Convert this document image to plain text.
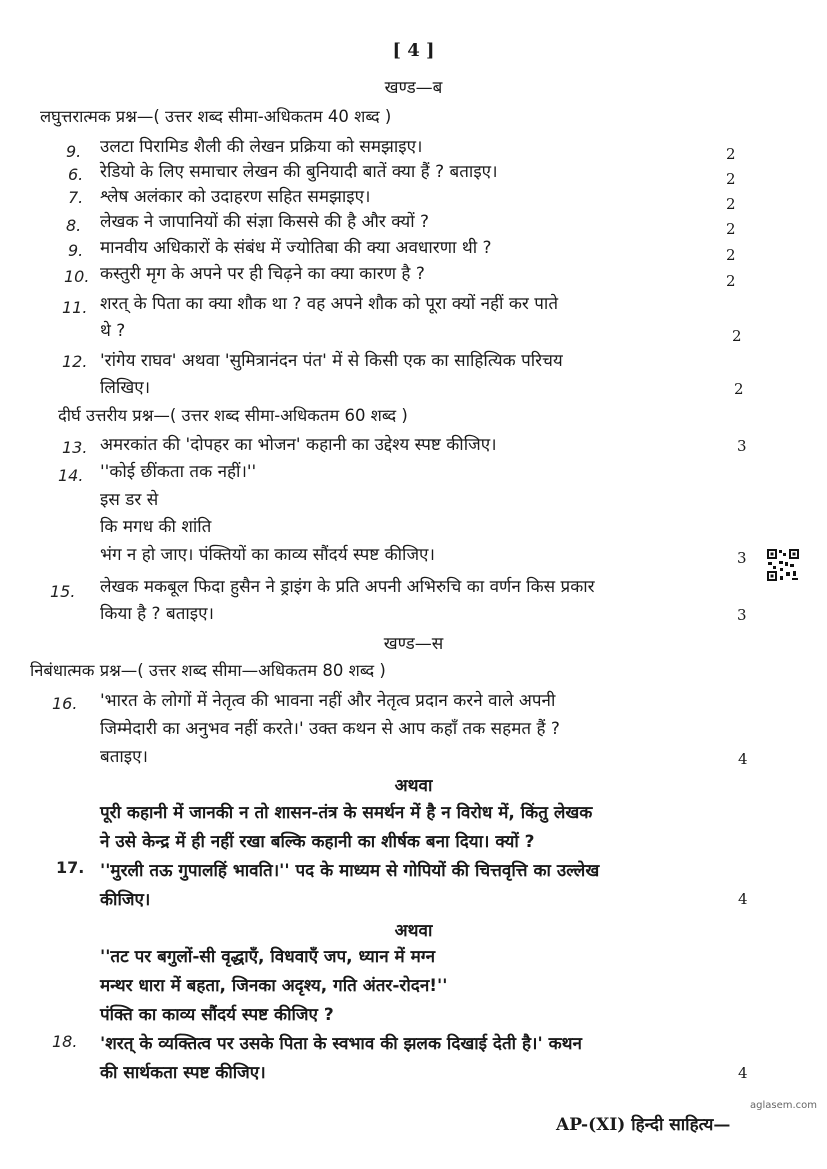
[ 4 ]
खण्ड—ब
लघुत्तरात्मक प्रश्न—( उत्तर शब्द सीमा-अधिकतम 40 शब्द )
9. उलटा पिरामिड शैली की लेखन प्रक्रिया को समझाइए।	2
6. रेडियो के लिए समाचार लेखन की बुनियादी बातें क्या हैं ? बताइए।	2
7. श्लेष अलंकार को उदाहरण सहित समझाइए।	2
8. लेखक ने जापानियों की संज्ञा किससे की है और क्यों ?	2
9. मानवीय अधिकारों के संबंध में ज्योतिबा की क्या अवधारणा थी ?	2
10. कस्तुरी मृग के अपने पर ही चिढ़ने का क्या कारण है ?	2
11. शरत् के पिता का क्या शौक था ? वह अपने शौक को पूरा क्यों नहीं कर पाते
थे ?	2
12. 'रांगेय राघव' अथवा 'सुमित्रानंदन पंत' में से किसी एक का साहित्यिक परिचय
लिखिए।	2
दीर्घ उत्तरीय प्रश्न—( उत्तर शब्द सीमा-अधिकतम 60 शब्द )
13. अमरकांत की 'दोपहर का भोजन' कहानी का उद्देश्य स्पष्ट कीजिए।	3
14. ''कोई छींकता तक नहीं।''
इस डर से
कि मगध की शांति
भंग न हो जाए। पंक्तियों का काव्य सौंदर्य स्पष्ट कीजिए।	3
15. लेखक मकबूल फिदा हुसैन ने ड्राइंग के प्रति अपनी अभिरुचि का वर्णन किस प्रकार
किया है ? बताइए।	3
खण्ड—स
निबंधात्मक प्रश्न—( उत्तर शब्द सीमा—अधिकतम 80 शब्द )
16. 'भारत के लोगों में नेतृत्व की भावना नहीं और नेतृत्व प्रदान करने वाले अपनी
जिम्मेदारी का अनुभव नहीं करते।' उक्त कथन से आप कहाँ तक सहमत हैं ?
बताइए।	4
अथवा
पूरी कहानी में जानकी न तो शासन-तंत्र के समर्थन में है न विरोध में, किंतु लेखक
ने उसे केन्द्र में ही नहीं रखा बल्कि कहानी का शीर्षक बना दिया। क्यों ?
17. ''मुरली तऊ गुपालहिं भावति।'' पद के माध्यम से गोपियों की चित्तवृत्ति का उल्लेख
कीजिए।	4
अथवा
''तट पर बगुलों-सी वृद्धाएँ, विधवाएँ जप, ध्यान में मग्न
मन्थर धारा में बहता, जिनका अदृश्य, गति अंतर-रोदन!''
पंक्ति का काव्य सौंदर्य स्पष्ट कीजिए ?
18. 'शरत् के व्यक्तित्व पर उसके पिता के स्वभाव की झलक दिखाई देती है।' कथन
की सार्थकता स्पष्ट कीजिए।	4
aglasem.com
AP-(XI) हिन्दी साहित्य—
